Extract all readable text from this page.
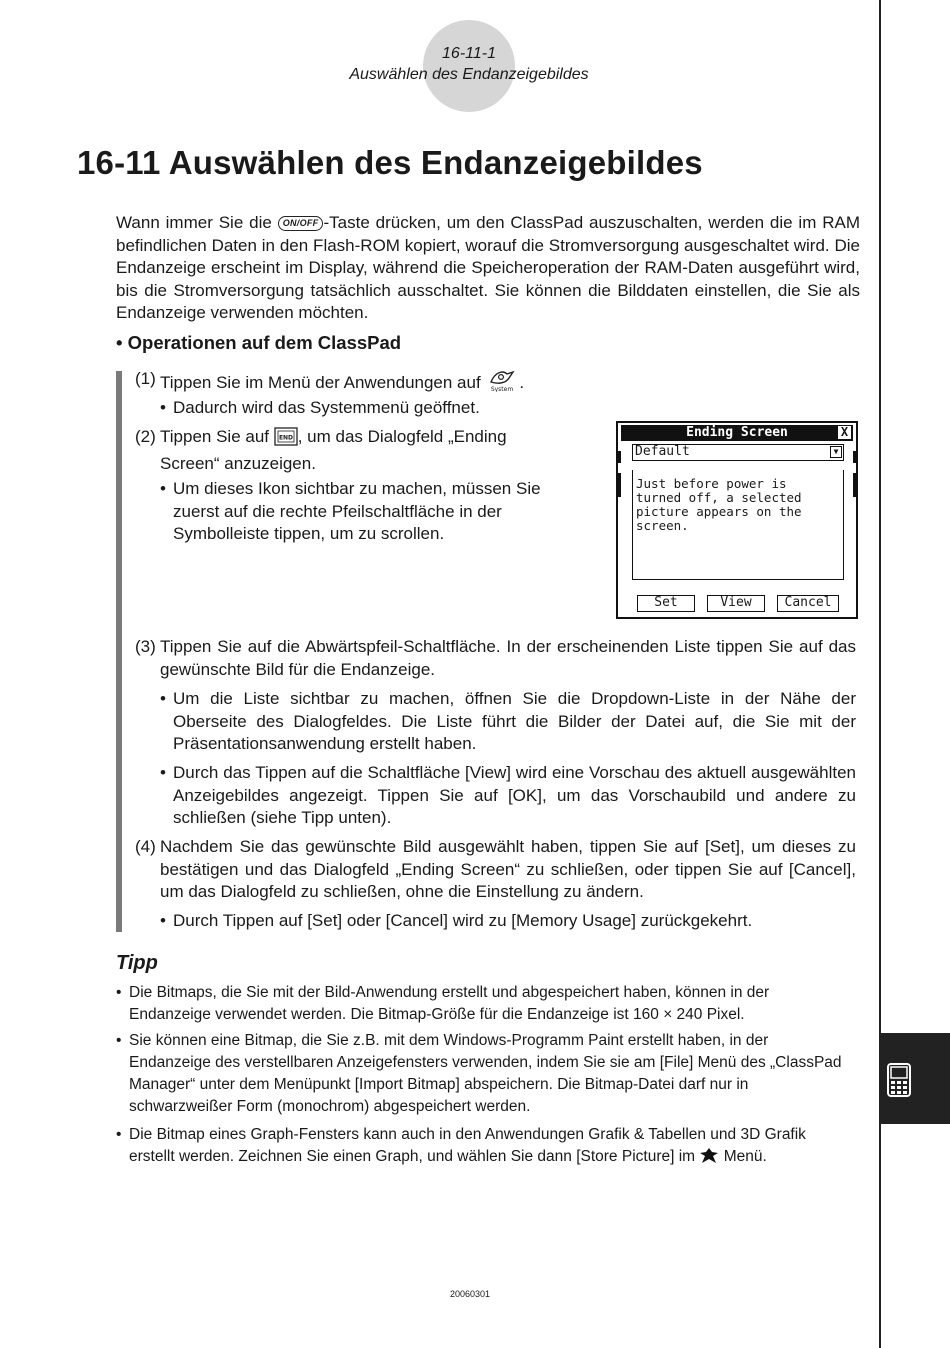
16-11-1
Auswählen des Endanzeigebildes
16-11 Auswählen des Endanzeigebildes
Wann immer Sie die ON/OFF -Taste drücken, um den ClassPad auszuschalten, werden die im RAM befindlichen Daten in den Flash-ROM kopiert, worauf die Stromversorgung ausgeschaltet wird. Die Endanzeige erscheint im Display, während die Speicheroperation der RAM-Daten ausgeführt wird, bis die Stromversorgung tatsächlich ausschaltet. Sie können die Bilddaten einstellen, die Sie als Endanzeige verwenden möchten.
• Operationen auf dem ClassPad
(1) Tippen Sie im Menü der Anwendungen auf System .
• Dadurch wird das Systemmenü geöffnet.
(2) Tippen Sie auf END , um das Dialogfeld „Ending Screen“ anzuzeigen.
• Um dieses Ikon sichtbar zu machen, müssen Sie zuerst auf die rechte Pfeilschaltfläche in der Symbolleiste tippen, um zu scrollen.
Ending Screen	X
Default	▼
Just before power is
turned off, a selected
picture appears on the
screen.
Set	View	Cancel
(3) Tippen Sie auf die Abwärtspfeil-Schaltfläche. In der erscheinenden Liste tippen Sie auf das gewünschte Bild für die Endanzeige.
• Um die Liste sichtbar zu machen, öffnen Sie die Dropdown-Liste in der Nähe der Oberseite des Dialogfeldes. Die Liste führt die Bilder der Datei auf, die Sie mit der Präsentationsanwendung erstellt haben.
• Durch das Tippen auf die Schaltfläche [View] wird eine Vorschau des aktuell ausgewählten Anzeigebildes angezeigt. Tippen Sie auf [OK], um das Vorschaubild und andere zu schließen (siehe Tipp unten).
(4) Nachdem Sie das gewünschte Bild ausgewählt haben, tippen Sie auf [Set], um dieses zu bestätigen und das Dialogfeld „Ending Screen“ zu schließen, oder tippen Sie auf [Cancel], um das Dialogfeld zu schließen, ohne die Einstellung zu ändern.
• Durch Tippen auf [Set] oder [Cancel] wird zu [Memory Usage] zurückgekehrt.
Tipp
• Die Bitmaps, die Sie mit der Bild-Anwendung erstellt und abgespeichert haben, können in der Endanzeige verwendet werden. Die Bitmap-Größe für die Endanzeige ist 160 × 240 Pixel.
• Sie können eine Bitmap, die Sie z.B. mit dem Windows-Programm Paint erstellt haben, in der Endanzeige des verstellbaren Anzeigefensters verwenden, indem Sie sie am [File] Menü des „ClassPad Manager“ unter dem Menüpunkt [Import Bitmap] abspeichern. Die Bitmap-Datei darf nur in schwarzweißer Form (monochrom) abgespeichert werden.
• Die Bitmap eines Graph-Fensters kann auch in den Anwendungen Grafik & Tabellen und 3D Grafik erstellt werden. Zeichnen Sie einen Graph, und wählen Sie dann [Store Picture] im  Menü.
20060301
